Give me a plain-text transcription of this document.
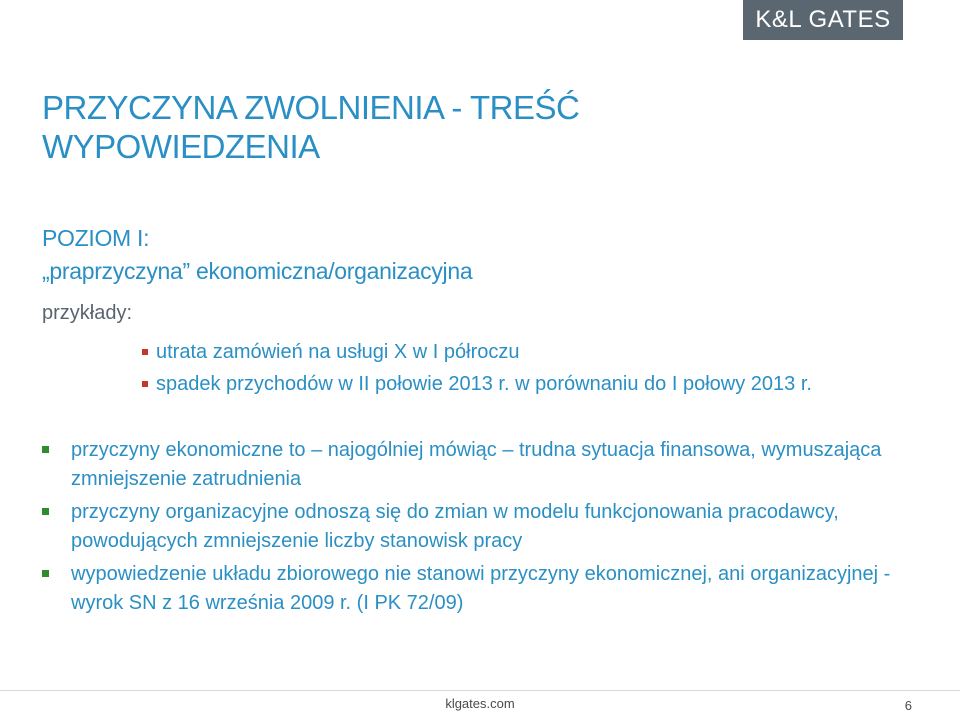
K&L GATES
PRZYCZYNA ZWOLNIENIA - TREŚĆ WYPOWIEDZENIA
POZIOM I:
„praprzyczyna” ekonomiczna/organizacyjna
przykłady:
utrata zamówień na usługi X w I półroczu
spadek przychodów w II połowie 2013 r. w porównaniu do I połowy 2013 r.
przyczyny ekonomiczne to – najogólniej mówiąc – trudna sytuacja finansowa, wymuszająca zmniejszenie zatrudnienia
przyczyny organizacyjne odnoszą się do zmian w modelu funkcjonowania pracodawcy, powodujących zmniejszenie liczby stanowisk pracy
wypowiedzenie układu zbiorowego nie stanowi przyczyny ekonomicznej, ani organizacyjnej - wyrok SN z 16 września 2009 r. (I PK 72/09)
klgates.com	6
